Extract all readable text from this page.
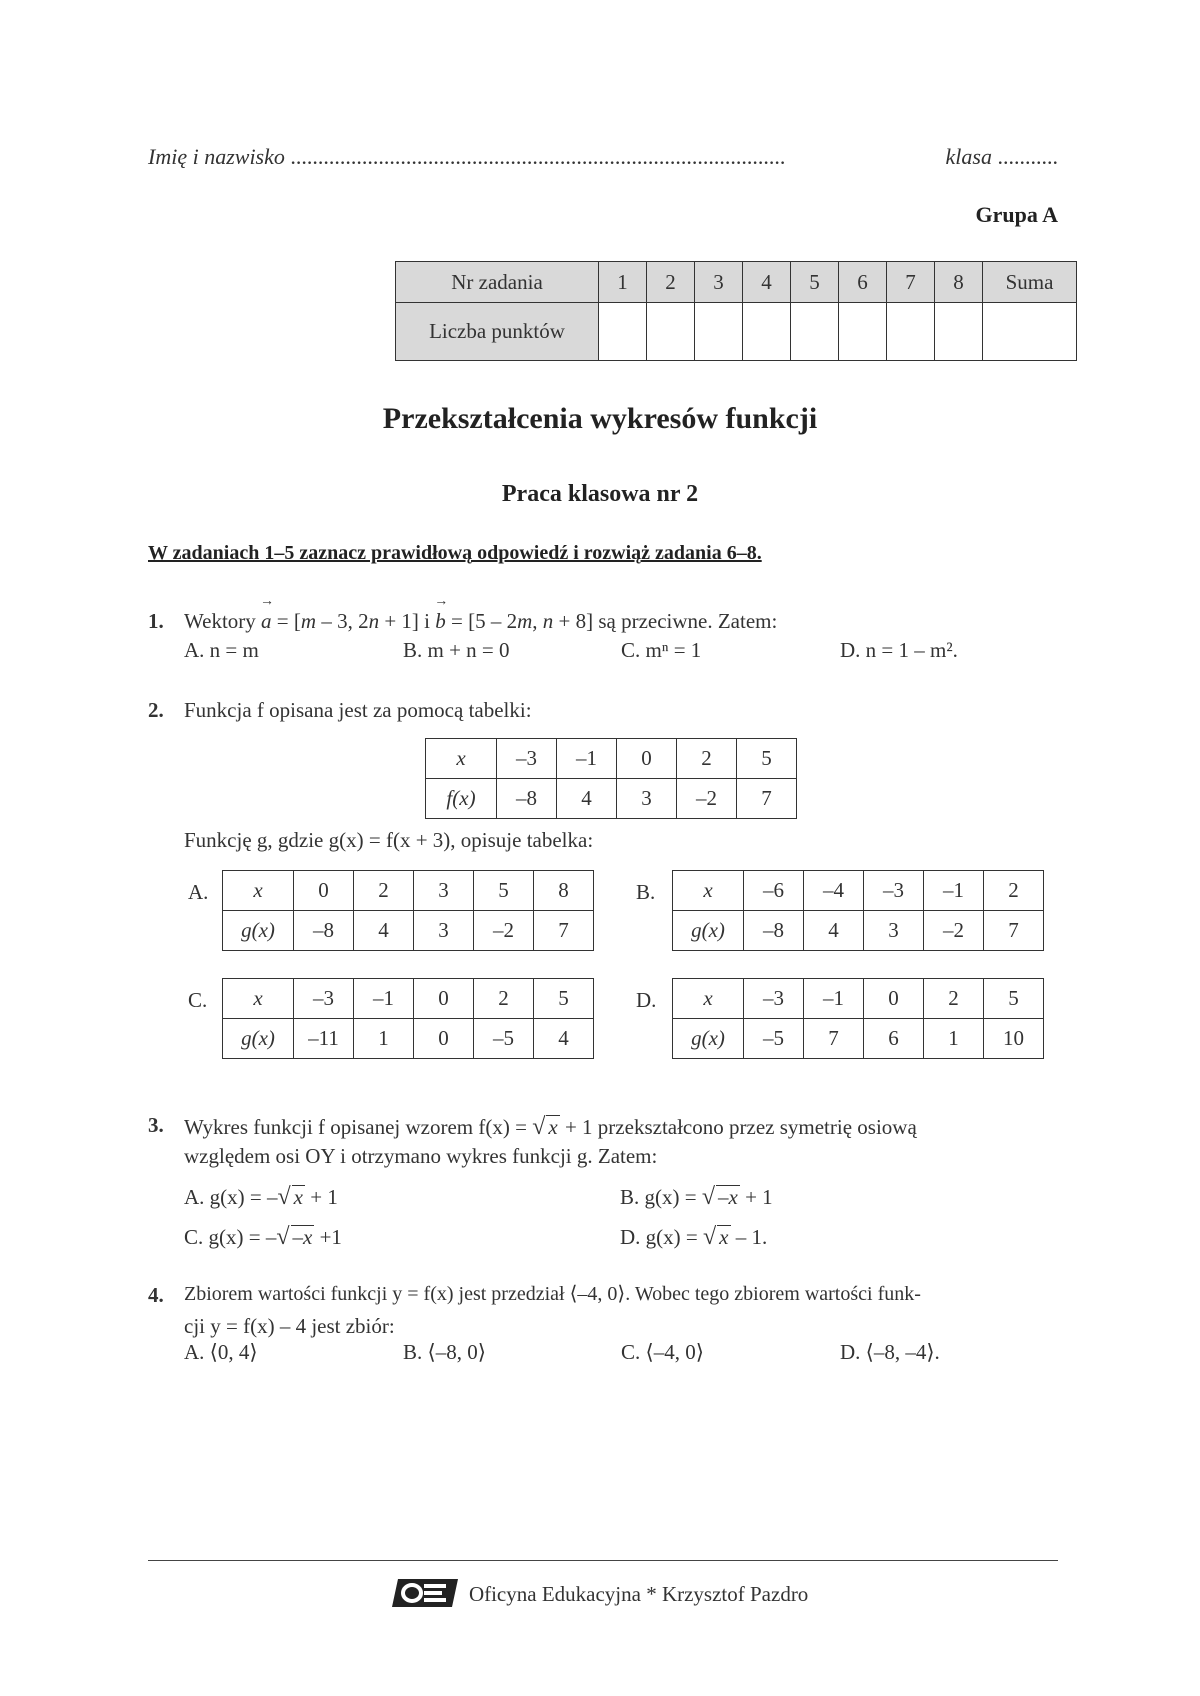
Imię i nazwisko ..........................................................................................	klasa ...........
Grupa A
Nr zadania	1	2	3	4	5	6	7	8	Suma
Liczba punktów									
Przekształcenia wykresów funkcji
Praca klasowa nr 2
W zadaniach 1–5 zaznacz prawidłową odpowiedź i rozwiąż zadania 6–8.
1. Wektory → a = [m – 3, 2n + 1] i → b = [5 – 2m, n + 8] są przeciwne. Zatem:
A. n = m	B. m + n = 0	C. mⁿ = 1	D. n = 1 – m².
2. Funkcja f opisana jest za pomocą tabelki:
x	–3	–1	0	2	5
f(x)	–8	4	3	–2	7
Funkcję g, gdzie g(x) = f(x + 3), opisuje tabelka:
A. x	0	2	3	5	8
g(x)	–8	4	3	–2	7
B. x	–6	–4	–3	–1	2
g(x)	–8	4	3	–2	7
C. x	–3	–1	0	2	5
g(x)	–11	1	0	–5	4
D. x	–3	–1	0	2	5
g(x)	–5	7	6	1	10
3. Wykres funkcji f opisanej wzorem f(x) = √ x + 1 przekształcono przez symetrię osiową
względem osi OY i otrzymano wykres funkcji g. Zatem:
A. g(x) = –√ x + 1	B. g(x) = √ –x + 1
C. g(x) = –√ –x +1	D. g(x) = √ x – 1.
4. Zbiorem wartości funkcji y = f(x) jest przedział ⟨–4, 0⟩. Wobec tego zbiorem wartości funk-
cji y = f(x) – 4 jest zbiór:
A. ⟨0, 4⟩	B. ⟨–8, 0⟩	C. ⟨–4, 0⟩	D. ⟨–8, –4⟩.
Oficyna Edukacyjna * Krzysztof Pazdro
